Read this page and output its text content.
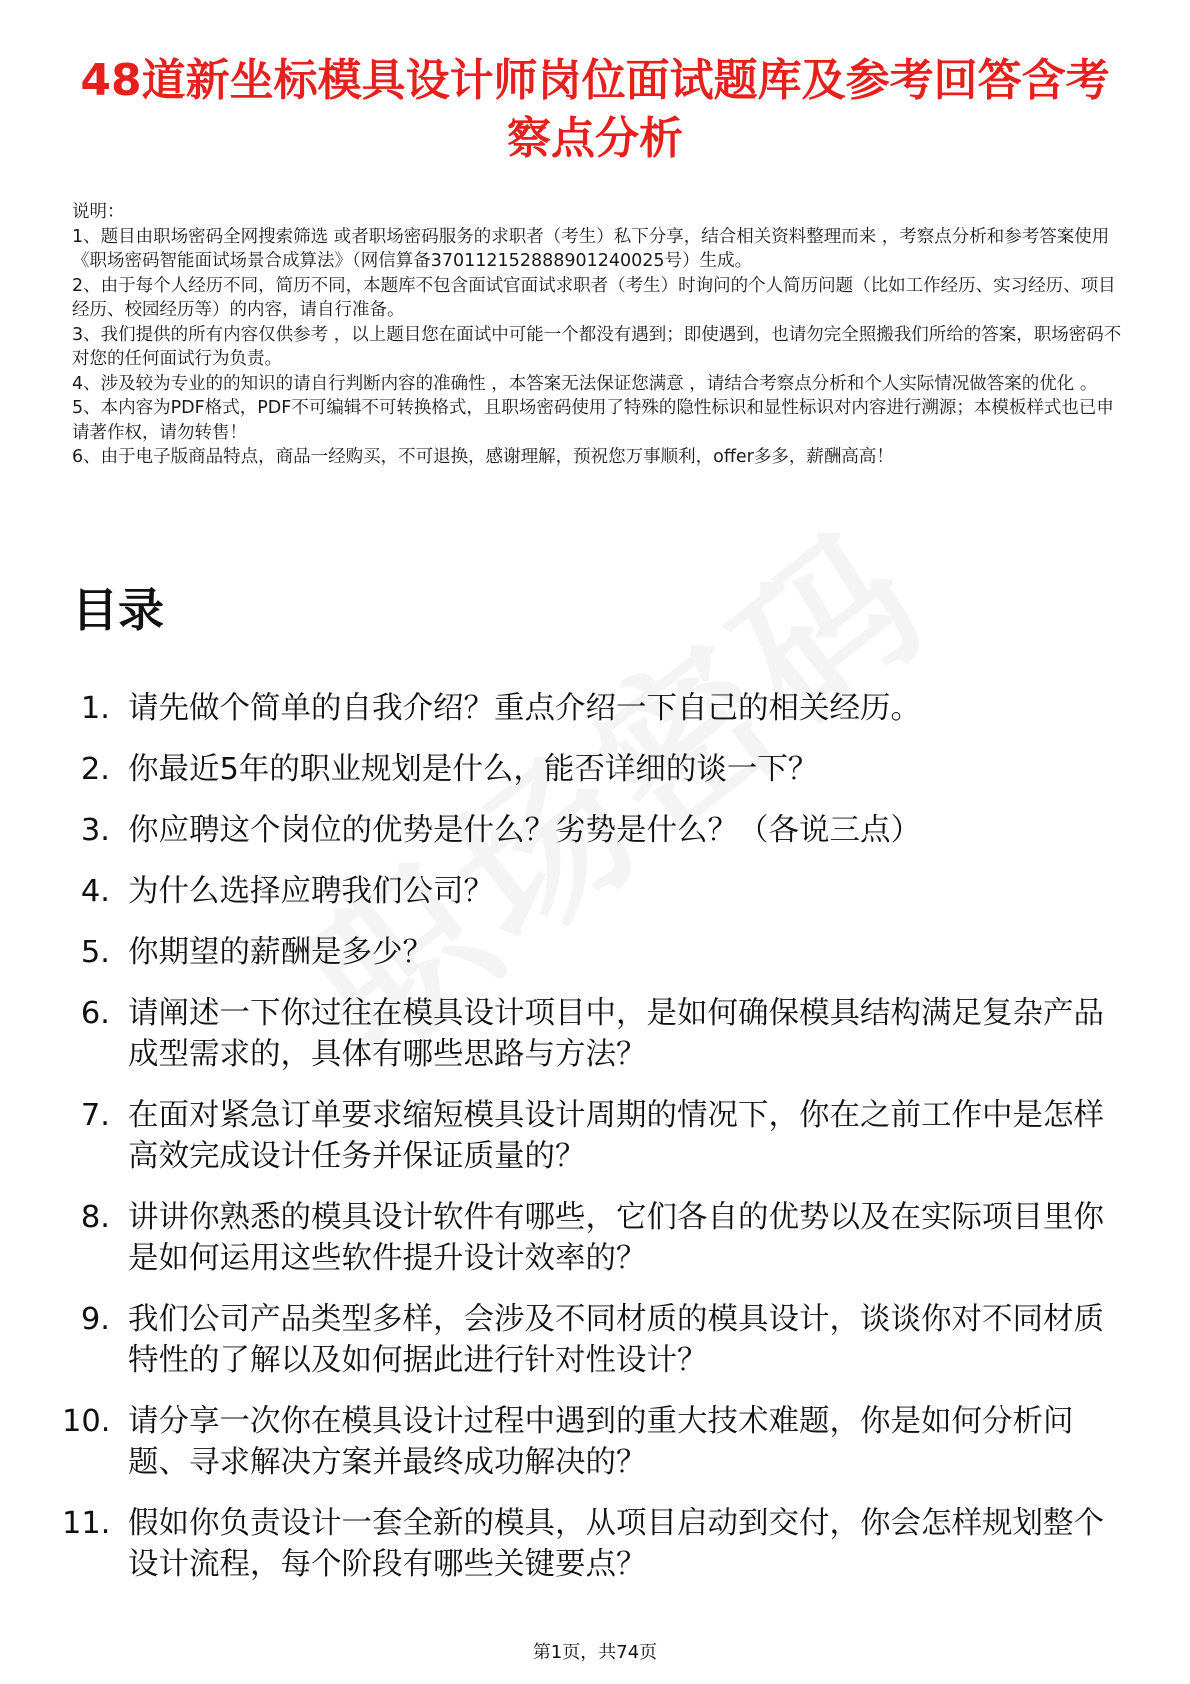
48道新坐标模具设计师岗位面试题库及参考回答含考察点分析

说明：

1、题目由职场密码全网搜索筛选 或者职场密码服务的求职者（考生）私下分享，结合相关资料整理而来 ，考察点分析和参考答案使用《职场密码智能面试场景合成算法》（网信算备370112152888901240025号）生成。

2、由于每个人经历不同，简历不同，本题库不包含面试官面试求职者（考生）时询问的个人简历问题（比如工作经历、实习经历、项目经历、校园经历等）的内容，请自行准备。

3、我们提供的所有内容仅供参考 ，以上题目您在面试中可能一个都没有遇到；即使遇到，也请勿完全照搬我们所给的答案，职场密码不对您的任何面试行为负责。

4、涉及较为专业的的知识的请自行判断内容的准确性 ，本答案无法保证您满意 ，请结合考察点分析和个人实际情况做答案的优化 。

5、本内容为PDF格式，PDF不可编辑不可转换格式，且职场密码使用了特殊的隐性标识和显性标识对内容进行溯源；本模板样式也已申请著作权，请勿转售！

6、由于电子版商品特点，商品一经购买，不可退换，感谢理解，预祝您万事顺利，offer多多，薪酬高高！

目录
1. 请先做个简单的自我介绍？重点介绍一下自己的相关经历。
2. 你最近5年的职业规划是什么，能否详细的谈一下？
3. 你应聘这个岗位的优势是什么？劣势是什么？（各说三点）
4. 为什么选择应聘我们公司？
5. 你期望的薪酬是多少？
6. 请阐述一下你过往在模具设计项目中，是如何确保模具结构满足复杂产品成型需求的，具体有哪些思路与方法？
7. 在面对紧急订单要求缩短模具设计周期的情况下，你在之前工作中是怎样高效完成设计任务并保证质量的？
8. 讲讲你熟悉的模具设计软件有哪些，它们各自的优势以及在实际项目里你是如何运用这些软件提升设计效率的？
9. 我们公司产品类型多样，会涉及不同材质的模具设计，谈谈你对不同材质特性的了解以及如何据此进行针对性设计？
10. 请分享一次你在模具设计过程中遇到的重大技术难题，你是如何分析问题、寻求解决方案并最终成功解决的？
11. 假如你负责设计一套全新的模具，从项目启动到交付，你会怎样规划整个设计流程，每个阶段有哪些关键要点？
第1页，共74页
